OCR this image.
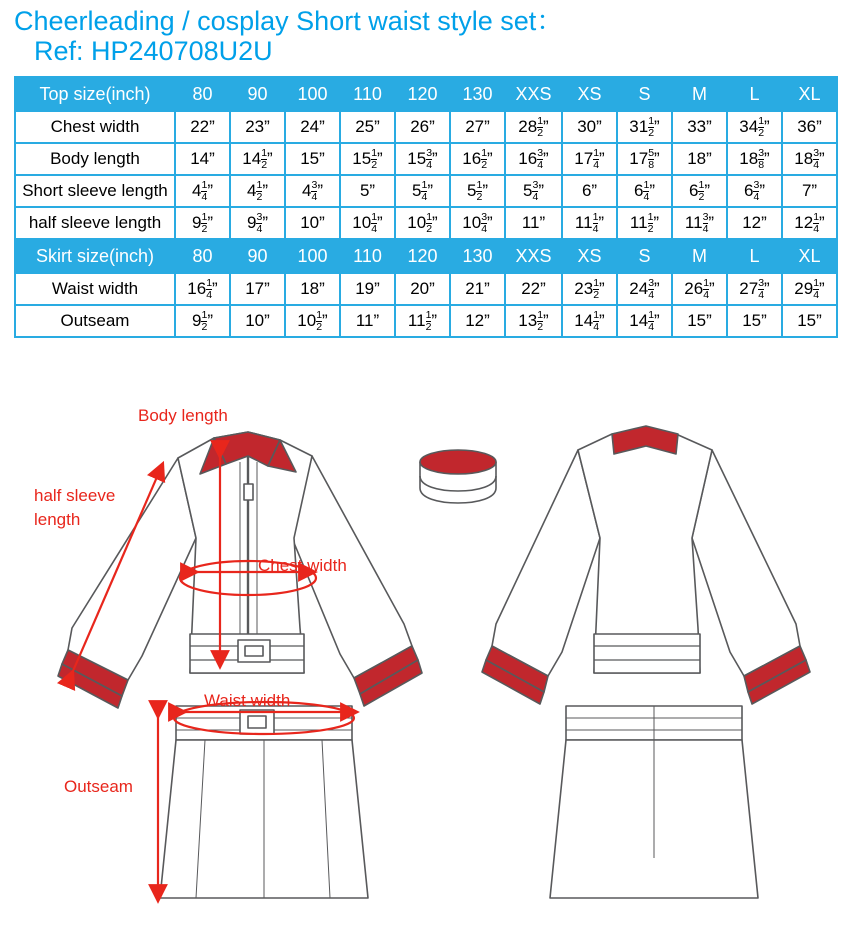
Cheerleading / cosplay Short waist style set：
Ref: HP240708U2U
Top size(inch)	80	90	100	110	120	130	XXS	XS	S	M	L	XL
Chest width	22”	23”	24”	25”	26”	27”	$28 \frac{1}{2}$ ”	30”	$31 \frac{1}{2}$ ”	33”	$34 \frac{1}{2}$ ”	36”
Body length	14”	$14 \frac{1}{2}$ ”	15”	$15 \frac{1}{2}$ ”	$15 \frac{3}{4}$ ”	$16 \frac{1}{2}$ ”	$16 \frac{3}{4}$ ”	$17 \frac{1}{4}$ ”	$17 \frac{5}{8}$ ”	18”	$18 \frac{3}{8}$ ”	$18 \frac{3}{4}$ ”
Short sleeve length	$4 \frac{1}{4}$ ”	$4 \frac{1}{2}$ ”	$4 \frac{3}{4}$ ”	5”	$5 \frac{1}{4}$ ”	$5 \frac{1}{2}$ ”	$5 \frac{3}{4}$ ”	6”	$6 \frac{1}{4}$ ”	$6 \frac{1}{2}$ ”	$6 \frac{3}{4}$ ”	7”
half sleeve length	$9 \frac{1}{2}$ ”	$9 \frac{3}{4}$ ”	10”	$10 \frac{1}{4}$ ”	$10 \frac{1}{2}$ ”	$10 \frac{3}{4}$ ”	11”	$11 \frac{1}{4}$ ”	$11 \frac{1}{2}$ ”	$11 \frac{3}{4}$ ”	12”	$12 \frac{1}{4}$ ”
Skirt size(inch)	80	90	100	110	120	130	XXS	XS	S	M	L	XL
Waist width	$16 \frac{1}{4}$ ”	17”	18”	19”	20”	21”	22”	$23 \frac{1}{2}$ ”	$24 \frac{3}{4}$ ”	$26 \frac{1}{4}$ ”	$27 \frac{3}{4}$ ”	$29 \frac{1}{4}$ ”
Outseam	$9 \frac{1}{2}$ ”	10”	$10 \frac{1}{2}$ ”	11”	$11 \frac{1}{2}$ ”	12”	$13 \frac{1}{2}$ ”	$14 \frac{1}{4}$ ”	$14 \frac{1}{4}$ ”	15”	15”	15”
Body length
half sleeve
length
Chest width
Waist width
Outseam
